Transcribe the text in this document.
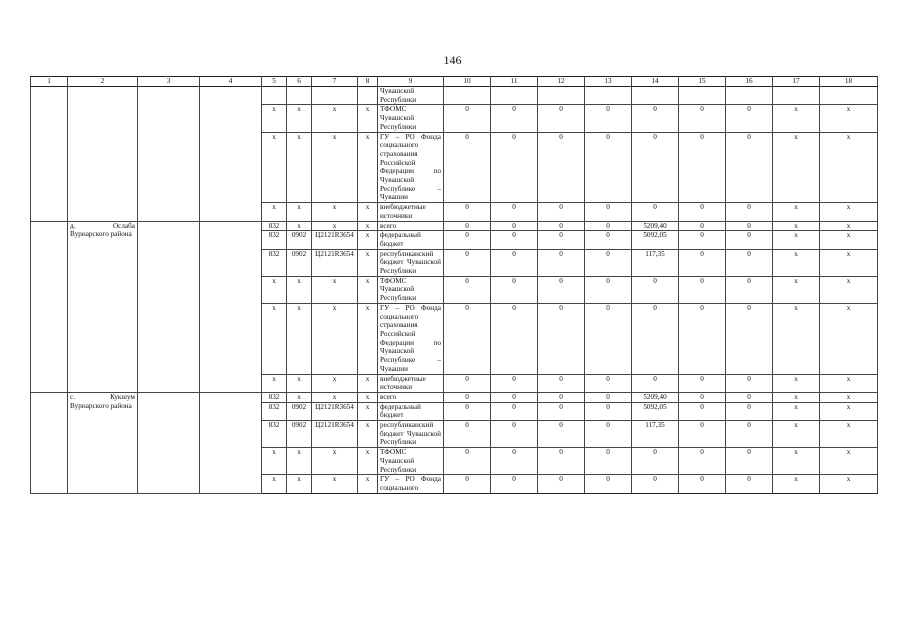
146
1	2	3	4	5	6	7	8	9	10	11	12	13	14	15	16	17	18
								Чувашской Республики									
				x	x	x	x	ТФОМС Чувашской Республики	0	0	0	0	0	0	0	x	x
				x	x	x	x	ГУ – РО Фонда социального страхования Российской Федерации по Чувашской Республике – Чувашии	0	0	0	0	0	0	0	x	x
				x	x	x	x	внебюджетные источники	0	0	0	0	0	0	0	x	x
	д. Ослаба Вурнарского района			832	x	x	x	всего	0	0	0	0	5209,40	0	0	x	x
				832	0902	Ц2121R3654	x	федеральный бюджет	0	0	0	0	5092,05	0	0	x	x
				832	0902	Ц2121R3654	x	республиканский бюджет Чувашской Республики	0	0	0	0	117,35	0	0	x	x
				x	x	x	x	ТФОМС Чувашской Республики	0	0	0	0	0	0	0	x	x
				x	x	x	x	ГУ – РО Фонда социального страхования Российской Федерации по Чувашской Республике – Чувашии	0	0	0	0	0	0	0	x	x
				x	x	x	x	внебюджетные источники	0	0	0	0	0	0	0	x	x
	с. Кукшум Вурнарского района			832	x	x	x	всего	0	0	0	0	5209,40	0	0	x	x
				832	0902	Ц2121R3654	x	федеральный бюджет	0	0	0	0	5092,05	0	0	x	x
				832	0902	Ц2121R3654	x	республиканский бюджет Чувашской Республики	0	0	0	0	117,35	0	0	x	x
				x	x	x	x	ТФОМС Чувашской Республики	0	0	0	0	0	0	0	x	x
				x	x	x	x	ГУ – РО Фонда социального	0	0	0	0	0	0	0	x	x
